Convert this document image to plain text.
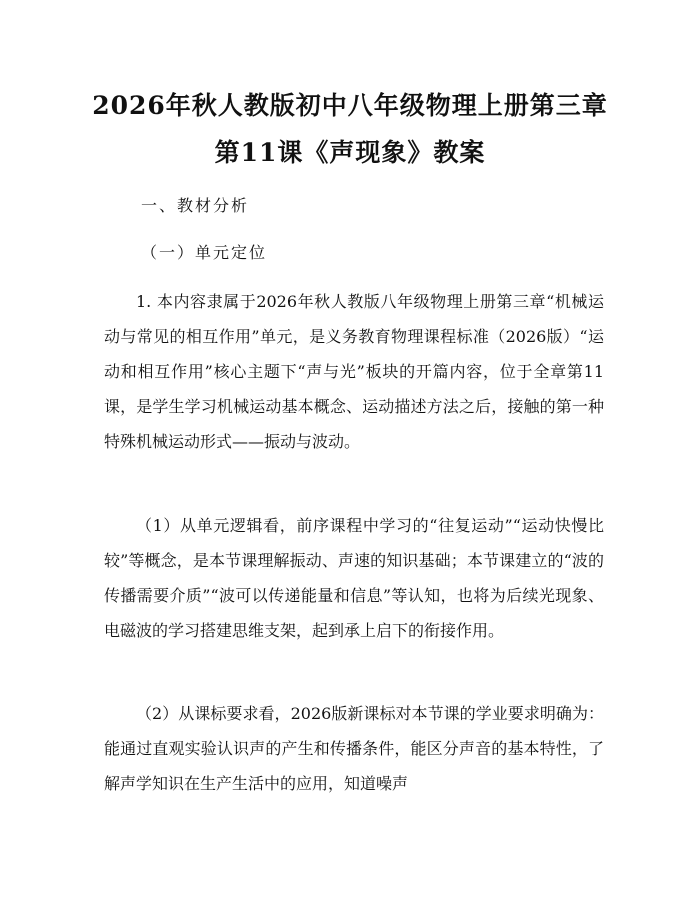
2026年秋人教版初中八年级物理上册第三章
第11课《声现象》教案
一、教材分析
（一）单元定位

1. 本内容隶属于2026年秋人教版八年级物理上册第三章“机械运动与常见的相互作用”单元，是义务教育物理课程标准（2026版）“运动和相互作用”核心主题下“声与光”板块的开篇内容，位于全章第11课，是学生学习机械运动基本概念、运动描述方法之后，接触的第一种特殊机械运动形式——振动与波动。

（1）从单元逻辑看，前序课程中学习的“往复运动”“运动快慢比较”等概念，是本节课理解振动、声速的知识基础；本节课建立的“波的传播需要介质”“波可以传递能量和信息”等认知，也将为后续光现象、电磁波的学习搭建思维支架，起到承上启下的衔接作用。

（2）从课标要求看，2026版新课标对本节课的学业要求明确为：能通过直观实验认识声的产生和传播条件，能区分声音的基本特性，了解声学知识在生产生活中的应用，知道噪声
